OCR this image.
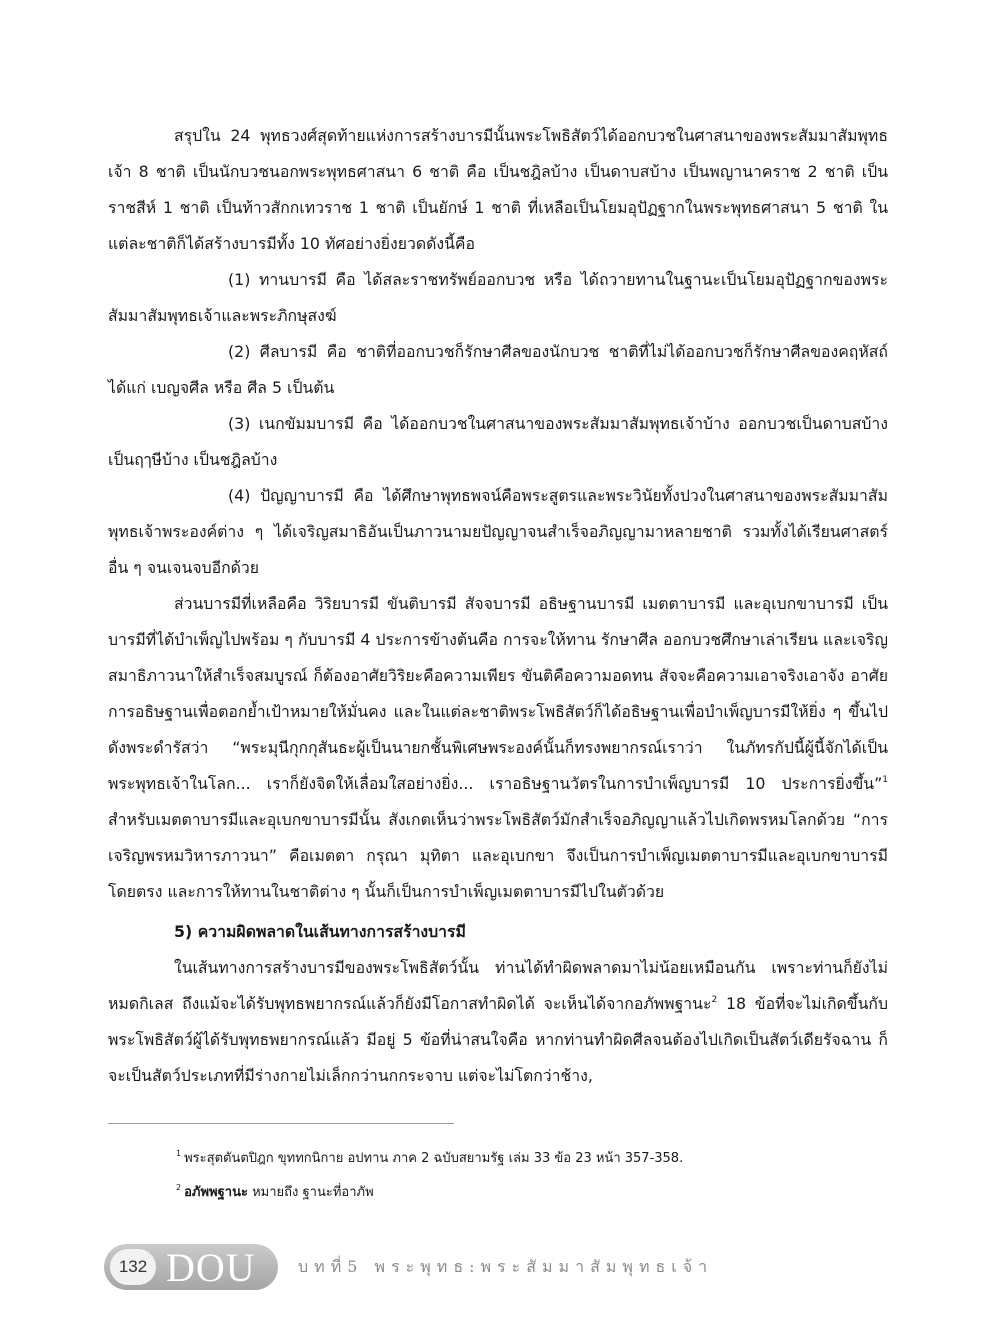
สรุปใน 24 พุทธวงศ์สุดท้ายแห่งการสร้างบารมีนั้นพระโพธิสัตว์ได้ออกบวชในศาสนาของพระสัมมาสัมพุทธเจ้า 8 ชาติ เป็นนักบวชนอกพระพุทธศาสนา 6 ชาติ คือ เป็นชฎิลบ้าง เป็นดาบสบ้าง เป็นพญานาคราช 2 ชาติ เป็นราชสีห์ 1 ชาติ เป็นท้าวสักกเทวราช 1 ชาติ เป็นยักษ์ 1 ชาติ ที่เหลือเป็นโยมอุปัฏฐากในพระพุทธศาสนา 5 ชาติ ในแต่ละชาติก็ได้สร้างบารมีทั้ง 10 ทัศอย่างยิ่งยวดดังนี้คือ

(1) ทานบารมี คือ ได้สละราชทรัพย์ออกบวช หรือ ได้ถวายทานในฐานะเป็นโยมอุปัฏฐากของพระสัมมาสัมพุทธเจ้าและพระภิกษุสงฆ์

(2) ศีลบารมี คือ ชาติที่ออกบวชก็รักษาศีลของนักบวช ชาติที่ไม่ได้ออกบวชก็รักษาศีลของคฤหัสถ์ ได้แก่ เบญจศีล หรือ ศีล 5 เป็นต้น

(3) เนกขัมมบารมี คือ ได้ออกบวชในศาสนาของพระสัมมาสัมพุทธเจ้าบ้าง ออกบวชเป็นดาบสบ้าง เป็นฤๅษีบ้าง เป็นชฎิลบ้าง

(4) ปัญญาบารมี คือ ได้ศึกษาพุทธพจน์คือพระสูตรและพระวินัยทั้งปวงในศาสนาของพระสัมมาสัมพุทธเจ้าพระองค์ต่าง ๆ ได้เจริญสมาธิอันเป็นภาวนามยปัญญาจนสำเร็จอภิญญามาหลายชาติ รวมทั้งได้เรียนศาสตร์อื่น ๆ จนเจนจบอีกด้วย

ส่วนบารมีที่เหลือคือ วิริยบารมี ขันติบารมี สัจจบารมี อธิษฐานบารมี เมตตาบารมี และอุเบกขาบารมี เป็นบารมีที่ได้บำเพ็ญไปพร้อม ๆ กับบารมี 4 ประการข้างต้นคือ การจะให้ทาน รักษาศีล ออกบวชศึกษาเล่าเรียน และเจริญสมาธิภาวนาให้สำเร็จสมบูรณ์ ก็ต้องอาศัยวิริยะคือความเพียร ขันติคือความอดทน สัจจะคือความเอาจริงเอาจัง อาศัยการอธิษฐานเพื่อตอกย้ำเป้าหมายให้มั่นคง และในแต่ละชาติพระโพธิสัตว์ก็ได้อธิษฐานเพื่อบำเพ็ญบารมีให้ยิ่ง ๆ ขึ้นไปดังพระดำรัสว่า “พระมุนีกุกกุสันธะผู้เป็นนายกชั้นพิเศษพระองค์นั้นก็ทรงพยากรณ์เราว่า ในภัทรกัปนี้ผู้นี้จักได้เป็นพระพุทธเจ้าในโลก... เราก็ยังจิตให้เลื่อมใสอย่างยิ่ง... เราอธิษฐานวัตรในการบำเพ็ญบารมี 10 ประการยิ่งขึ้น”$^1$ สำหรับเมตตาบารมีและอุเบกขาบารมีนั้น สังเกตเห็นว่าพระโพธิสัตว์มักสำเร็จอภิญญาแล้วไปเกิดพรหมโลกด้วย “การเจริญพรหมวิหารภาวนา” คือเมตตา กรุณา มุทิตา และอุเบกขา จึงเป็นการบำเพ็ญเมตตาบารมีและอุเบกขาบารมีโดยตรง และการให้ทานในชาติต่าง ๆ นั้นก็เป็นการบำเพ็ญเมตตาบารมีไปในตัวด้วย

5) ความผิดพลาดในเส้นทางการสร้างบารมี

ในเส้นทางการสร้างบารมีของพระโพธิสัตว์นั้น ท่านได้ทำผิดพลาดมาไม่น้อยเหมือนกัน เพราะท่านก็ยังไม่หมดกิเลส ถึงแม้จะได้รับพุทธพยากรณ์แล้วก็ยังมีโอกาสทำผิดได้ จะเห็นได้จากอภัพพฐานะ$^2$ 18 ข้อที่จะไม่เกิดขึ้นกับพระโพธิสัตว์ผู้ได้รับพุทธพยากรณ์แล้ว มีอยู่ 5 ข้อที่น่าสนใจคือ หากท่านทำผิดศีลจนต้องไปเกิดเป็นสัตว์เดียรัจฉาน ก็จะเป็นสัตว์ประเภทที่มีร่างกายไม่เล็กกว่านกกระจาบ แต่จะไม่โตกว่าช้าง,

$^1$ พระสุตตันตปิฎก ขุททกนิกาย อปทาน ภาค 2 ฉบับสยามรัฐ เล่ม 33 ข้อ 23 หน้า 357-358.

$^2$ อภัพพฐานะ หมายถึง ฐานะที่อาภัพ

132 DOU	บทที่5 พระพุทธ:พระสัมมาสัมพุทธเจ้า
